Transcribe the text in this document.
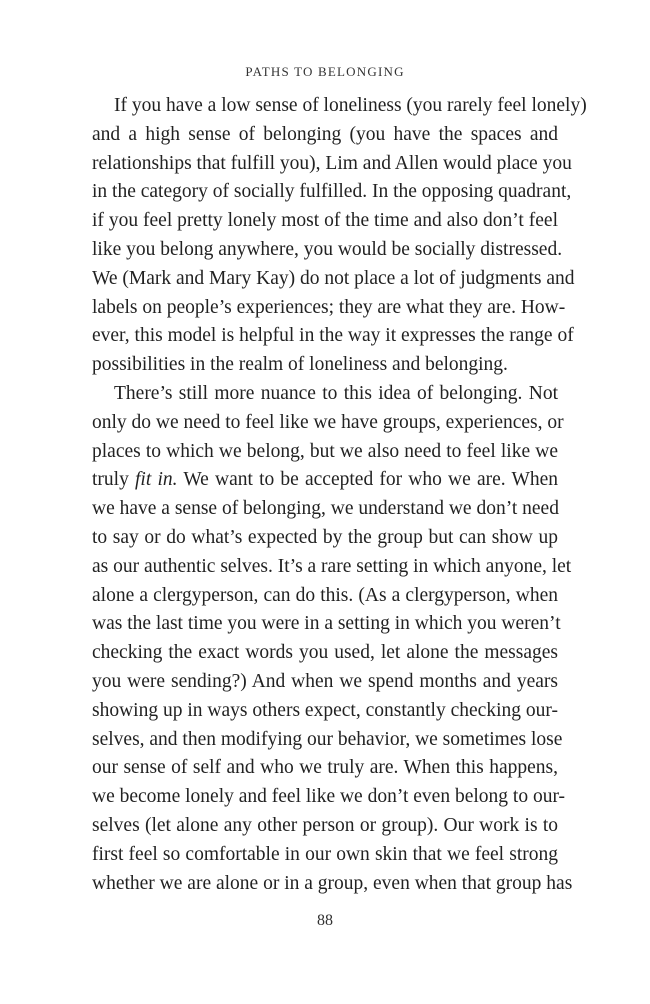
PATHS TO BELONGING
If you have a low sense of loneliness (you rarely feel lonely)
and a high sense of belonging (you have the spaces and
relationships that fulfill you), Lim and Allen would place you
in the category of socially fulfilled. In the opposing quadrant,
if you feel pretty lonely most of the time and also don’t feel
like you belong anywhere, you would be socially distressed.
We (Mark and Mary Kay) do not place a lot of judgments and
labels on people’s experiences; they are what they are. How-
ever, this model is helpful in the way it expresses the range of
possibilities in the realm of loneliness and belonging.
There’s still more nuance to this idea of belonging. Not
only do we need to feel like we have groups, experiences, or
places to which we belong, but we also need to feel like we
truly fit in. We want to be accepted for who we are. When
we have a sense of belonging, we understand we don’t need
to say or do what’s expected by the group but can show up
as our authentic selves. It’s a rare setting in which anyone, let
alone a clergyperson, can do this. (As a clergyperson, when
was the last time you were in a setting in which you weren’t
checking the exact words you used, let alone the messages
you were sending?) And when we spend months and years
showing up in ways others expect, constantly checking our-
selves, and then modifying our behavior, we sometimes lose
our sense of self and who we truly are. When this happens,
we become lonely and feel like we don’t even belong to our-
selves (let alone any other person or group). Our work is to
first feel so comfortable in our own skin that we feel strong
whether we are alone or in a group, even when that group has
88
